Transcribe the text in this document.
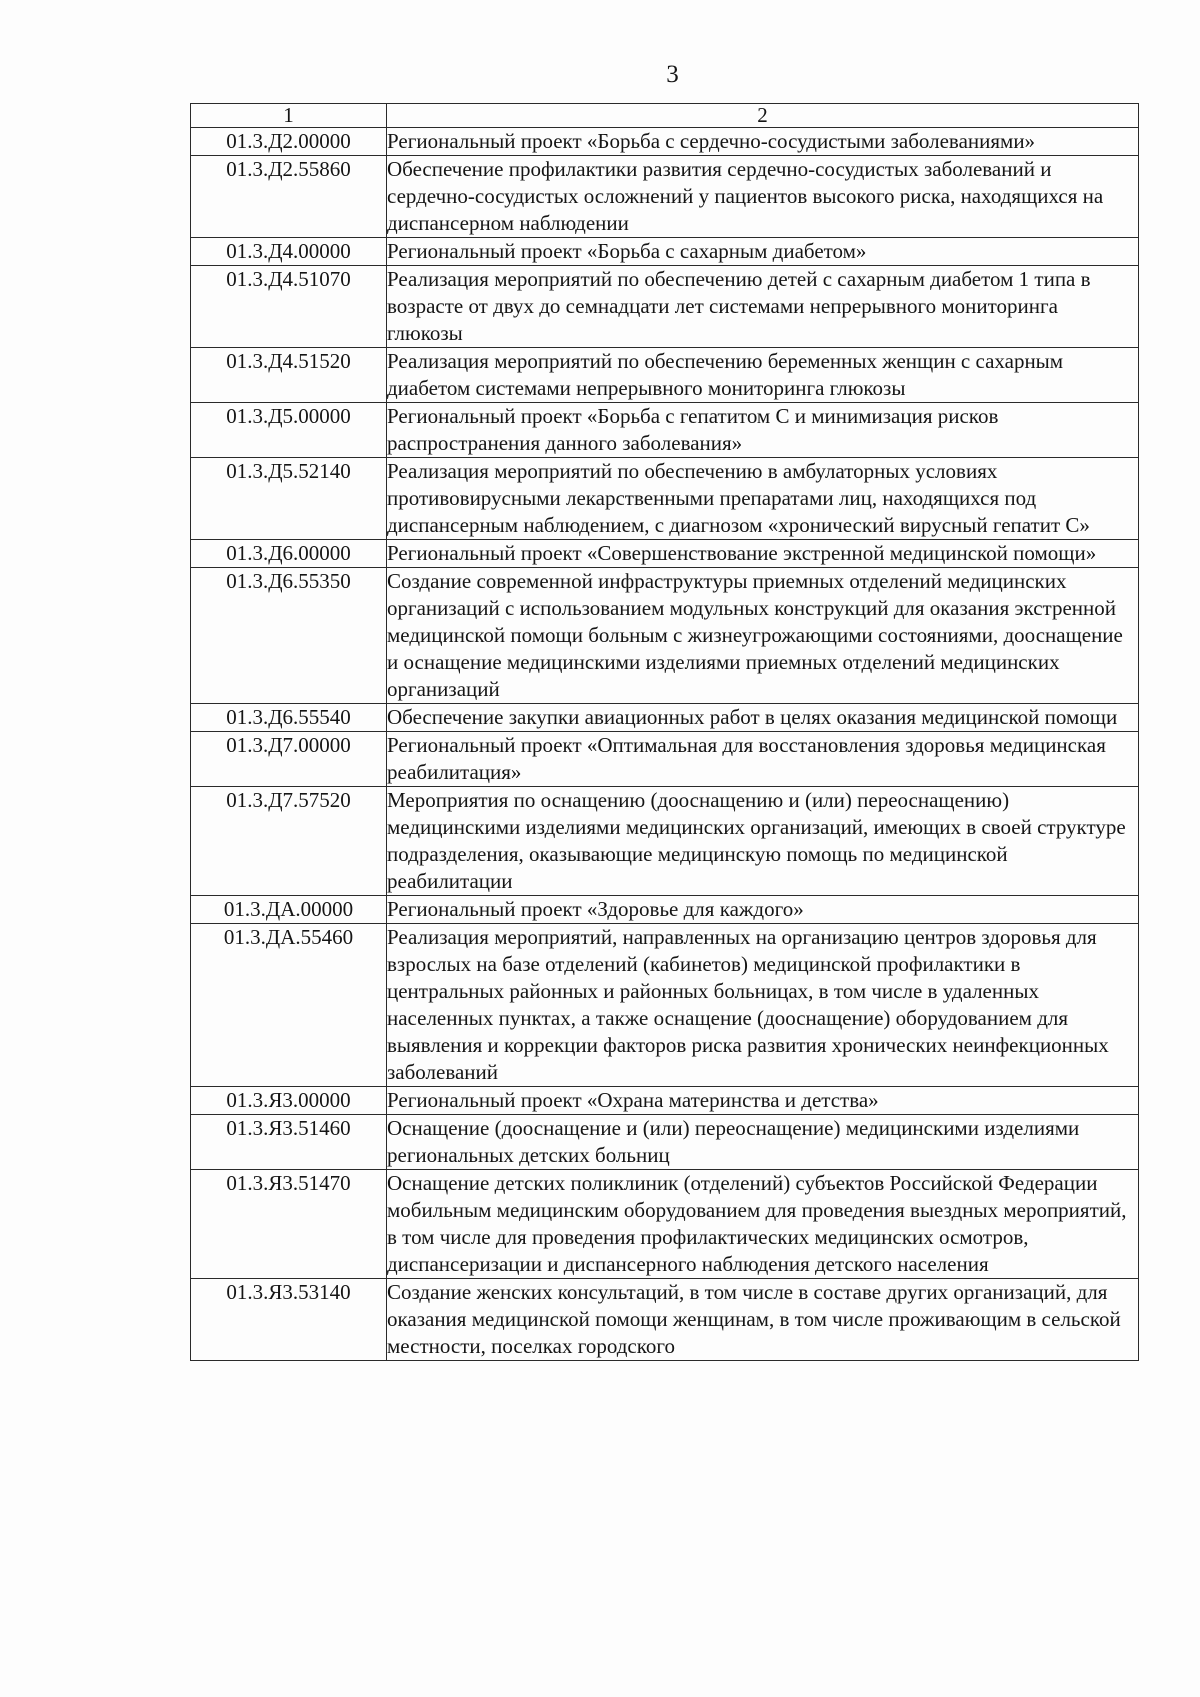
3
1	2
01.3.Д2.00000	Региональный проект «Борьба с сердечно-сосудистыми заболеваниями»
01.3.Д2.55860	Обеспечение профилактики развития сердечно-сосудистых заболеваний и сердечно-сосудистых осложнений у пациентов высокого риска, находящихся на диспансерном наблюдении
01.3.Д4.00000	Региональный проект «Борьба с сахарным диабетом»
01.3.Д4.51070	Реализация мероприятий по обеспечению детей с сахарным диабетом 1 типа в возрасте от двух до семнадцати лет системами непрерывного мониторинга глюкозы
01.3.Д4.51520	Реализация мероприятий по обеспечению беременных женщин с сахарным диабетом системами непрерывного мониторинга глюкозы
01.3.Д5.00000	Региональный проект «Борьба с гепатитом С и минимизация рисков распространения данного заболевания»
01.3.Д5.52140	Реализация мероприятий по обеспечению в амбулаторных условиях противовирусными лекарственными препаратами лиц, находящихся под диспансерным наблюдением, с диагнозом «хронический вирусный гепатит С»
01.3.Д6.00000	Региональный проект «Совершенствование экстренной медицинской помощи»
01.3.Д6.55350	Создание современной инфраструктуры приемных отделений медицинских организаций с использованием модульных конструкций для оказания экстренной медицинской помощи больным с жизнеугрожающими состояниями, дооснащение и оснащение медицинскими изделиями приемных отделений медицинских организаций
01.3.Д6.55540	Обеспечение закупки авиационных работ в целях оказания медицинской помощи
01.3.Д7.00000	Региональный проект «Оптимальная для восстановления здоровья медицинская реабилитация»
01.3.Д7.57520	Мероприятия по оснащению (дооснащению и (или) переоснащению) медицинскими изделиями медицинских организаций, имеющих в своей структуре подразделения, оказывающие медицинскую помощь по медицинской реабилитации
01.3.ДА.00000	Региональный проект «Здоровье для каждого»
01.3.ДА.55460	Реализация мероприятий, направленных на организацию центров здоровья для взрослых на базе отделений (кабинетов) медицинской профилактики в центральных районных и районных больницах, в том числе в удаленных населенных пунктах, а также оснащение (дооснащение) оборудованием для выявления и коррекции факторов риска развития хронических неинфекционных заболеваний
01.3.Я3.00000	Региональный проект «Охрана материнства и детства»
01.3.Я3.51460	Оснащение (дооснащение и (или) переоснащение) медицинскими изделиями региональных детских больниц
01.3.Я3.51470	Оснащение детских поликлиник (отделений) субъектов Российской Федерации мобильным медицинским оборудованием для проведения выездных мероприятий, в том числе для проведения профилактических медицинских осмотров, диспансеризации и диспансерного наблюдения детского населения
01.3.Я3.53140	Создание женских консультаций, в том числе в составе других организаций, для оказания медицинской помощи женщинам, в том числе проживающим в сельской местности, поселках городского
